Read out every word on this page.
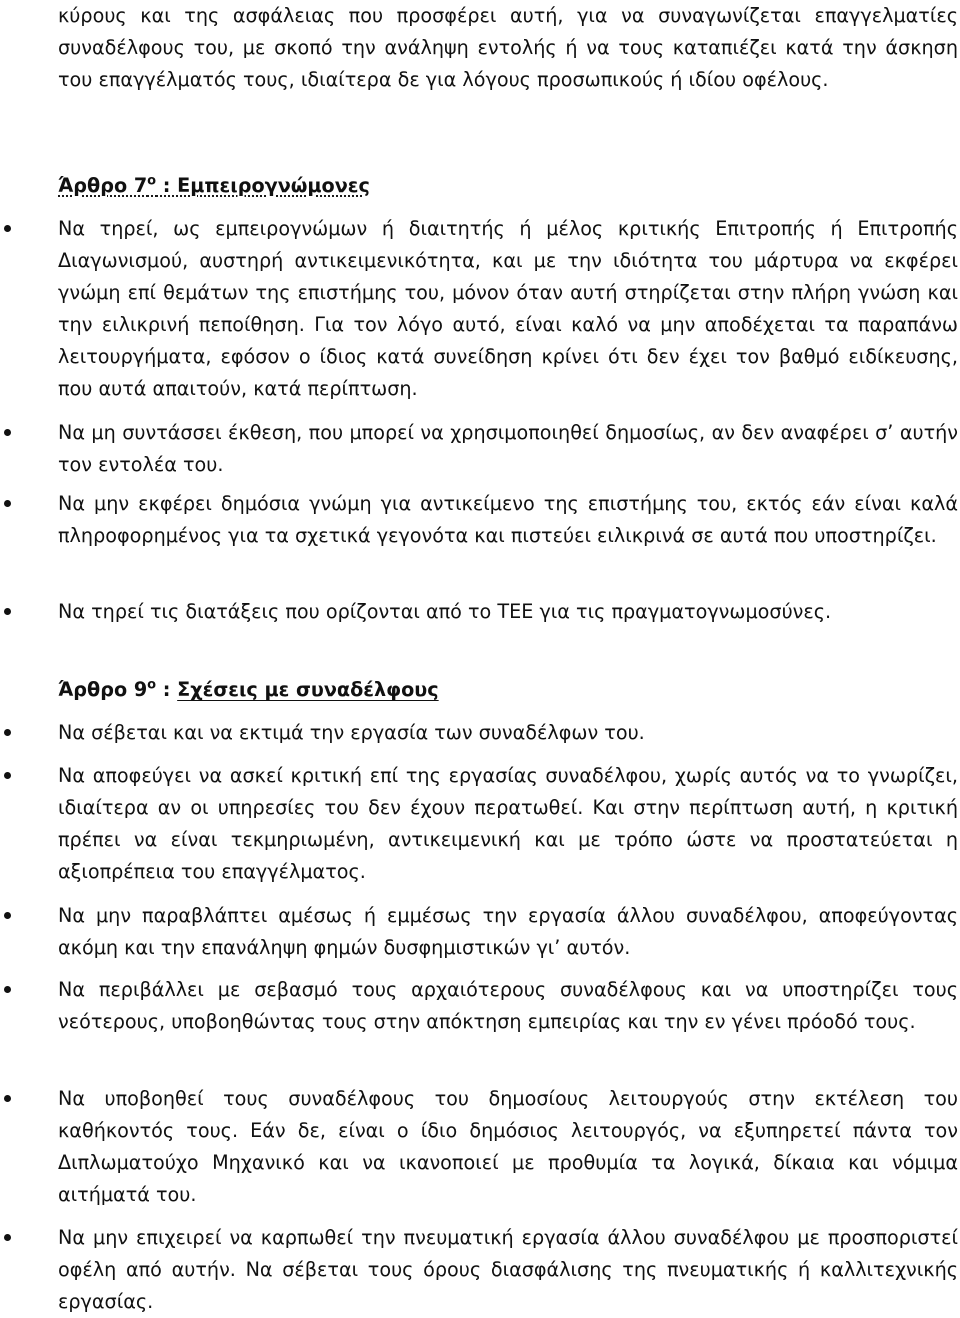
κύρους και της ασφάλειας που προσφέρει αυτή, για να συναγωνίζεται επαγγελματίες συναδέλφους του, με σκοπό την ανάληψη εντολής ή να τους καταπιέζει κατά την άσκηση του επαγγέλματός τους, ιδιαίτερα δε για λόγους προσωπικούς ή ιδίου οφέλους.
Άρθρο $7^o$ : Εμπειρογνώμονες
Να τηρεί, ως εμπειρογνώμων ή διαιτητής ή μέλος κριτικής Επιτροπής ή Επιτροπής Διαγωνισμού, αυστηρή αντικειμενικότητα, και με την ιδιότητα του μάρτυρα να εκφέρει γνώμη επί θεμάτων της επιστήμης του, μόνον όταν αυτή στηρίζεται στην πλήρη γνώση και την ειλικρινή πεποίθηση. Για τον λόγο αυτό, είναι καλό να μην αποδέχεται τα παραπάνω λειτουργήματα, εφόσον ο ίδιος κατά συνείδηση κρίνει ότι δεν έχει τον βαθμό ειδίκευσης, που αυτά απαιτούν, κατά περίπτωση.
Να μη συντάσσει έκθεση, που μπορεί να χρησιμοποιηθεί δημοσίως, αν δεν αναφέρει σ’ αυτήν τον εντολέα του.
Να μην εκφέρει δημόσια γνώμη για αντικείμενο της επιστήμης του, εκτός εάν είναι καλά πληροφορημένος για τα σχετικά γεγονότα και πιστεύει ειλικρινά σε αυτά που υποστηρίζει.
Να τηρεί τις διατάξεις που ορίζονται από το ΤΕΕ για τις πραγματογνωμοσύνες.
Άρθρο $9^o$ : Σχέσεις με συναδέλφους
Να σέβεται και να εκτιμά την εργασία των συναδέλφων του.
Να αποφεύγει να ασκεί κριτική επί της εργασίας συναδέλφου, χωρίς αυτός να το γνωρίζει, ιδιαίτερα αν οι υπηρεσίες του δεν έχουν περατωθεί. Και στην περίπτωση αυτή, η κριτική πρέπει να είναι τεκμηριωμένη, αντικειμενική και με τρόπο ώστε να προστατεύεται η αξιοπρέπεια του επαγγέλματος.
Να μην παραβλάπτει αμέσως ή εμμέσως την εργασία άλλου συναδέλφου, αποφεύγοντας ακόμη και την επανάληψη φημών δυσφημιστικών γι’ αυτόν.
Να περιβάλλει με σεβασμό τους αρχαιότερους συναδέλφους και να υποστηρίζει τους νεότερους, υποβοηθώντας τους στην απόκτηση εμπειρίας και την εν γένει πρόοδό τους.
Να υποβοηθεί τους συναδέλφους του δημοσίους λειτουργούς στην εκτέλεση του καθήκοντός τους. Εάν δε, είναι ο ίδιο δημόσιος λειτουργός, να εξυπηρετεί πάντα τον Διπλωματούχο Μηχανικό και να ικανοποιεί με προθυμία τα λογικά, δίκαια και νόμιμα αιτήματά του.
Να μην επιχειρεί να καρπωθεί την πνευματική εργασία άλλου συναδέλφου με προσποριστεί οφέλη από αυτήν. Να σέβεται τους όρους διασφάλισης της πνευματικής ή καλλιτεχνικής εργασίας.
